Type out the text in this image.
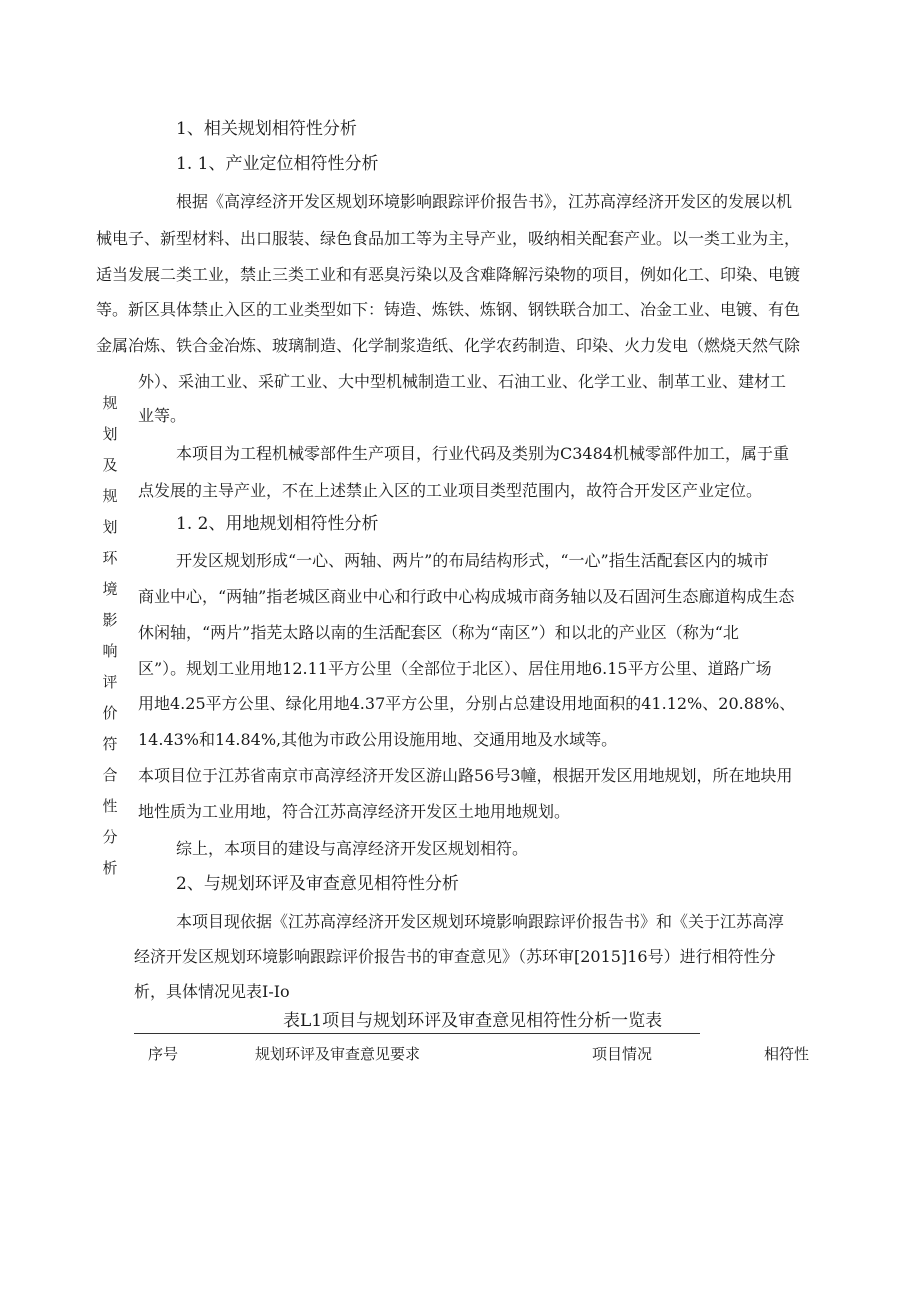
规
划
及
规
划
环
境
影
响
评
价
符
合
性
分
析
1、相关规划相符性分析
1. 1、产业定位相符性分析
根据《高淳经济开发区规划环境影响跟踪评价报告书》，江苏高淳经济开发区的发展以机
械电子、新型材料、出口服装、绿色食品加工等为主导产业，吸纳相关配套产业。以一类工业为主，
适当发展二类工业，禁止三类工业和有恶臭污染以及含难降解污染物的项目，例如化工、印染、电镀
等。新区具体禁止入区的工业类型如下：铸造、炼铁、炼钢、钢铁联合加工、冶金工业、电镀、有色
金属冶炼、铁合金冶炼、玻璃制造、化学制浆造纸、化学农药制造、印染、火力发电（燃烧天然气除
外）、采油工业、采矿工业、大中型机械制造工业、石油工业、化学工业、制革工业、建材工
业等。
本项目为工程机械零部件生产项目，行业代码及类别为C3484机械零部件加工，属于重
点发展的主导产业，不在上述禁止入区的工业项目类型范围内，故符合开发区产业定位。
1. 2、用地规划相符性分析
开发区规划形成“一心、两轴、两片”的布局结构形式，“一心”指生活配套区内的城市
商业中心，“两轴”指老城区商业中心和行政中心构成城市商务轴以及石固河生态廊道构成生态
休闲轴，“两片”指芜太路以南的生活配套区（称为“南区”）和以北的产业区（称为“北
区”）。规划工业用地12.11平方公里（全部位于北区）、居住用地6.15平方公里、道路广场
用地4.25平方公里、绿化用地4.37平方公里，分别占总建设用地面积的41.12%、20.88%、
14.43%和14.84%,其他为市政公用设施用地、交通用地及水域等。
本项目位于江苏省南京市高淳经济开发区游山路56号3幢，根据开发区用地规划，所在地块用
地性质为工业用地，符合江苏高淳经济开发区土地用地规划。
综上，本项目的建设与高淳经济开发区规划相符。
2、与规划环评及审查意见相符性分析
本项目现依据《江苏高淳经济开发区规划环境影响跟踪评价报告书》和《关于江苏高淳
经济开发区规划环境影响跟踪评价报告书的审查意见》（苏环审[2015]16号）进行相符性分
析，具体情况见表I-Io
表L1项目与规划环评及审查意见相符性分析一览表
序号	规划环评及审查意见要求	项目情况	相符性
